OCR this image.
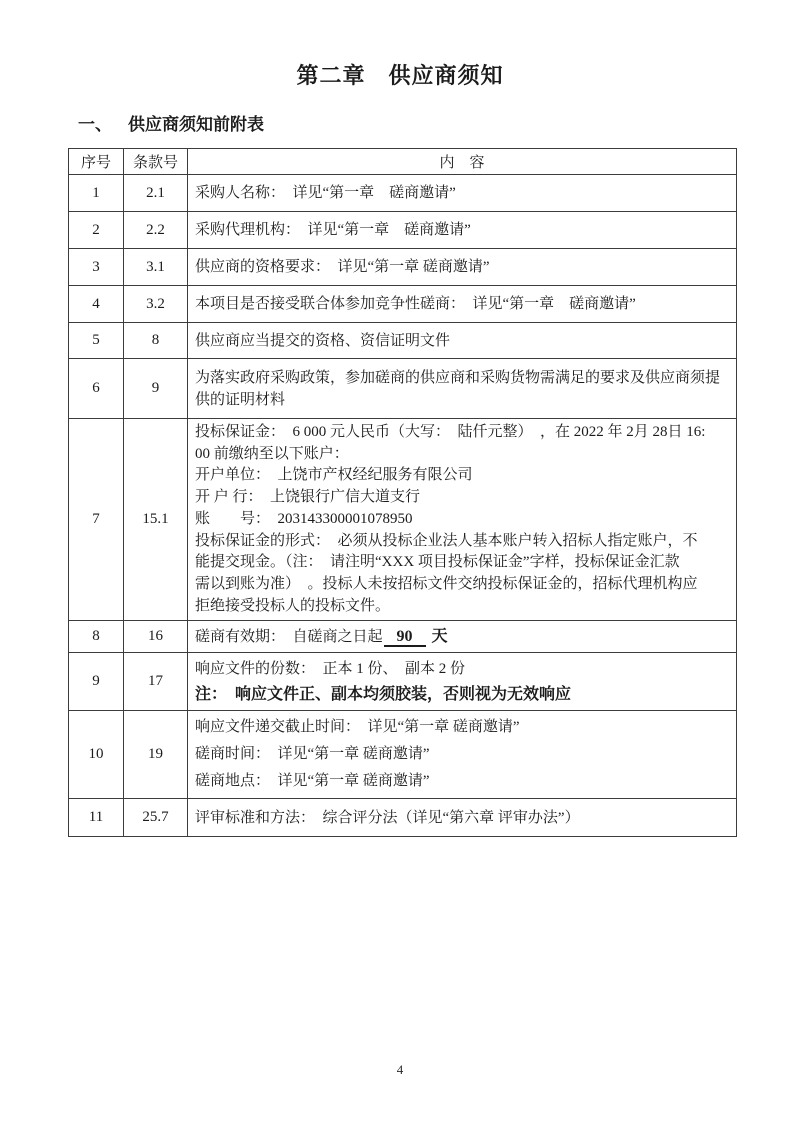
第二章　供应商须知
一、 供应商须知前附表
序号	条款号	内　容
1	2.1	采购人名称：　详见“第一章　磋商邀请”

2	2.2	采购代理机构：　详见“第一章　磋商邀请”

3	3.1	供应商的资格要求：　详见“第一章 磋商邀请”

4	3.2	本项目是否接受联合体参加竞争性磋商：　详见“第一章　磋商邀请”

5	8	供应商应当提交的资格、资信证明文件

6	9	为落实政府采购政策，参加磋商的供应商和采购货物需满足的要求及供应商须提供的证明材料

7	15.1	
投标保证金：　6 000 元人民币（大写：　陆仟元整）　，在 2022 年 2月 28日 16:
00 前缴纳至以下账户：
开户单位：　上饶市产权经纪服务有限公司
开 户 行：　上饶银行广信大道支行
账　　号：　203143300001078950
投标保证金的形式：　必须从投标企业法人基本账户转入招标人指定账户，不
能提交现金。（注：　请注明“XXX 项目投标保证金”字样，投标保证金汇款
需以到账为准）　。投标人未按招标文件交纳投标保证金的，招标代理机构应
拒绝接受投标人的投标文件。

8	16	磋商有效期：　自磋商之日起 90 天
9	17	响应文件的份数：　正本 1 份、　副本 2 份
注：　响应文件正、副本均须胶装，否则视为无效响应

10	19	响应文件递交截止时间：　详见“第一章 磋商邀请”
磋商时间：　详见“第一章 磋商邀请”
磋商地点：　详见“第一章 磋商邀请”

11	25.7	评审标准和方法：　综合评分法（详见“第六章 评审办法”）
4
